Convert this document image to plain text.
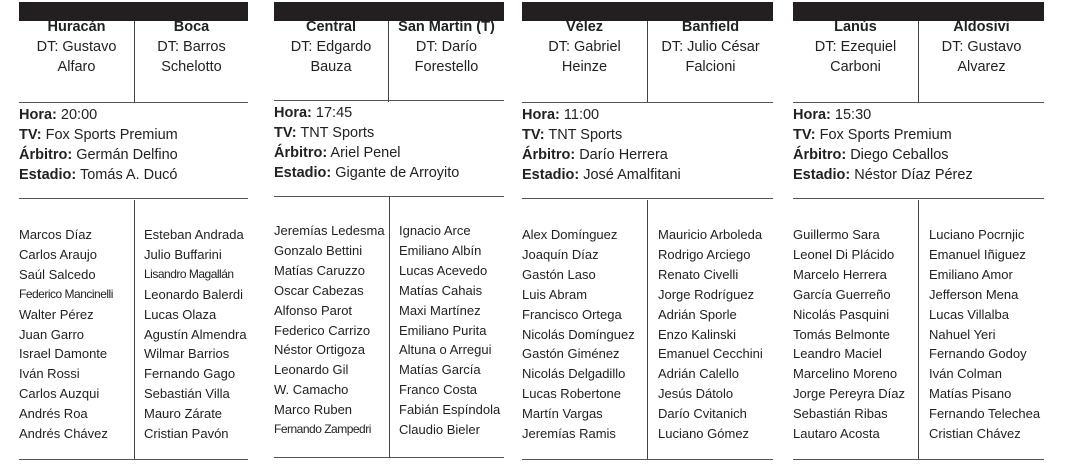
Huracán
DT: Gustavo Alfaro
Boca
DT: Barros Schelotto
Hora: 20:00
TV: Fox Sports Premium
Árbitro: Germán Delfino
Estadio: Tomás A. Ducó
Marcos Díaz
Carlos Araujo
Saúl Salcedo
Federico Mancinelli
Walter Pérez
Juan Garro
Israel Damonte
Iván Rossi
Carlos Auzqui
Andrés Roa
Andrés Chávez
Esteban Andrada
Julio Buffarini
Lisandro Magallán
Leonardo Balerdi
Lucas Olaza
Agustín Almendra
Wilmar Barrios
Fernando Gago
Sebastián Villa
Mauro Zárate
Cristian Pavón
Central
DT: Edgardo Bauza
San Martín (T)
DT: Darío Forestello
Hora: 17:45
TV: TNT Sports
Árbitro: Ariel Penel
Estadio: Gigante de Arroyito
Jeremías Ledesma
Gonzalo Bettini
Matías Caruzzo
Oscar Cabezas
Alfonso Parot
Federico Carrizo
Néstor Ortigoza
Leonardo Gil
W. Camacho
Marco Ruben
Fernando Zampedri
Ignacio Arce
Emiliano Albín
Lucas Acevedo
Matías Cahais
Maxi Martínez
Emiliano Purita
Altuna o Arregui
Matías García
Franco Costa
Fabián Espíndola
Claudio Bieler
Vélez
DT: Gabriel Heinze
Banfield
DT: Julio César Falcioni
Hora: 11:00
TV: TNT Sports
Árbitro: Darío Herrera
Estadio: José Amalfitani
Alex Domínguez
Joaquín Díaz
Gastón Laso
Luis Abram
Francisco Ortega
Nicolás Domínguez
Gastón Giménez
Nicolás Delgadillo
Lucas Robertone
Martín Vargas
Jeremías Ramis
Mauricio Arboleda
Rodrigo Arciego
Renato Civelli
Jorge Rodríguez
Adrián Sporle
Enzo Kalinski
Emanuel Cecchini
Adrián Calello
Jesús Dátolo
Darío Cvitanich
Luciano Gómez
Lanús
DT: Ezequiel Carboni
Aldosivi
DT: Gustavo Alvarez
Hora: 15:30
TV: Fox Sports Premium
Árbitro: Diego Ceballos
Estadio: Néstor Díaz Pérez
Guillermo Sara
Leonel Di Plácido
Marcelo Herrera
García Guerreño
Nicolás Pasquini
Tomás Belmonte
Leandro Maciel
Marcelino Moreno
Jorge Pereyra Díaz
Sebastián Ribas
Lautaro Acosta
Luciano Pocrnjic
Emanuel Iñiguez
Emiliano Amor
Jefferson Mena
Lucas Villalba
Nahuel Yeri
Fernando Godoy
Iván Colman
Matías Pisano
Fernando Telechea
Cristian Chávez
